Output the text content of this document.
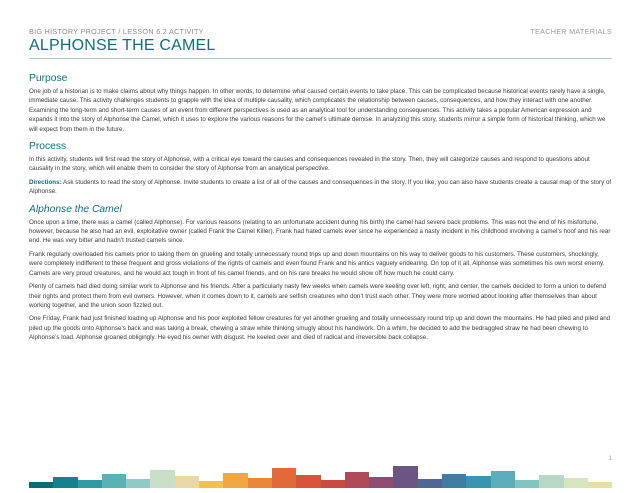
BIG HISTORY PROJECT / LESSON 6.2 ACTIVITY	TEACHER MATERIALS
ALPHONSE THE CAMEL
Purpose

One job of a historian is to make claims about why things happen. In other words, to determine what caused certain events to take place. This can be complicated because historical events rarely have a single, immediate cause. This activity challenges students to grapple with the idea of multiple causality, which complicates the relationship between causes, consequences, and how they interact with one another. Examining the long-term and short-term causes of an event from different perspectives is used as an analytical tool for understanding consequences. This activity takes a popular American expression and expands it into the story of Alphonse the Camel, which it uses to explore the various reasons for the camel’s ultimate demise. In analyzing this story, students mirror a simple form of historical thinking, which we will expect from them in the future.

Process

In this activity, students will first read the story of Alphonse, with a critical eye toward the causes and consequences revealed in the story. Then, they will categorize causes and respond to questions about causality in the story, which will enable them to consider the story of Alphonse from an analytical perspective.

Directions: Ask students to read the story of Alphonse. Invite students to create a list of all of the causes and consequences in the story. If you like, you can also have students create a causal map of the story of Alphonse.

Alphonse the Camel

Once upon a time, there was a camel (called Alphonse). For various reasons (relating to an unfortunate accident during his birth) the camel had severe back problems. This was not the end of his misfortune, however, because he also had an evil, exploitative owner (called Frank the Camel Killer). Frank had hated camels ever since he experienced a nasty incident in his childhood involving a camel’s hoof and his rear end. He was very bitter and hadn’t trusted camels since.

Frank regularly overloaded his camels prior to taking them on grueling and totally unnecessary round trips up and down mountains on his way to deliver goods to his customers. These customers, shockingly, were completely indifferent to these frequent and gross violations of the rights of camels and even found Frank and his antics vaguely endearing. On top of it all, Alphonse was sometimes his own worst enemy. Camels are very proud creatures, and he would act tough in front of his camel friends, and on his rare breaks he would show off how much he could carry.

Plenty of camels had died doing similar work to Alphonse and his friends. After a particularly nasty few weeks when camels were keeling over left, right, and center, the camels decided to form a union to defend their rights and protect them from evil owners. However, when it comes down to it, camels are selfish creatures who don’t trust each other. They were more worried about looking after themselves than about working together, and the union soon fizzled out.

One Friday, Frank had just finished loading up Alphonse and his poor exploited fellow creatures for yet another grueling and totally unnecessary round trip up and down the mountains. He had piled and piled and piled up the goods onto Alphonse’s back and was taking a break, chewing a straw while thinking smugly about his handiwork. On a whim, he decided to add the bedraggled straw he had been chewing to Alphonse’s load. Alphonse groaned obligingly. He eyed his owner with disgust. He keeled over and died of radical and irreversible back collapse.

1
